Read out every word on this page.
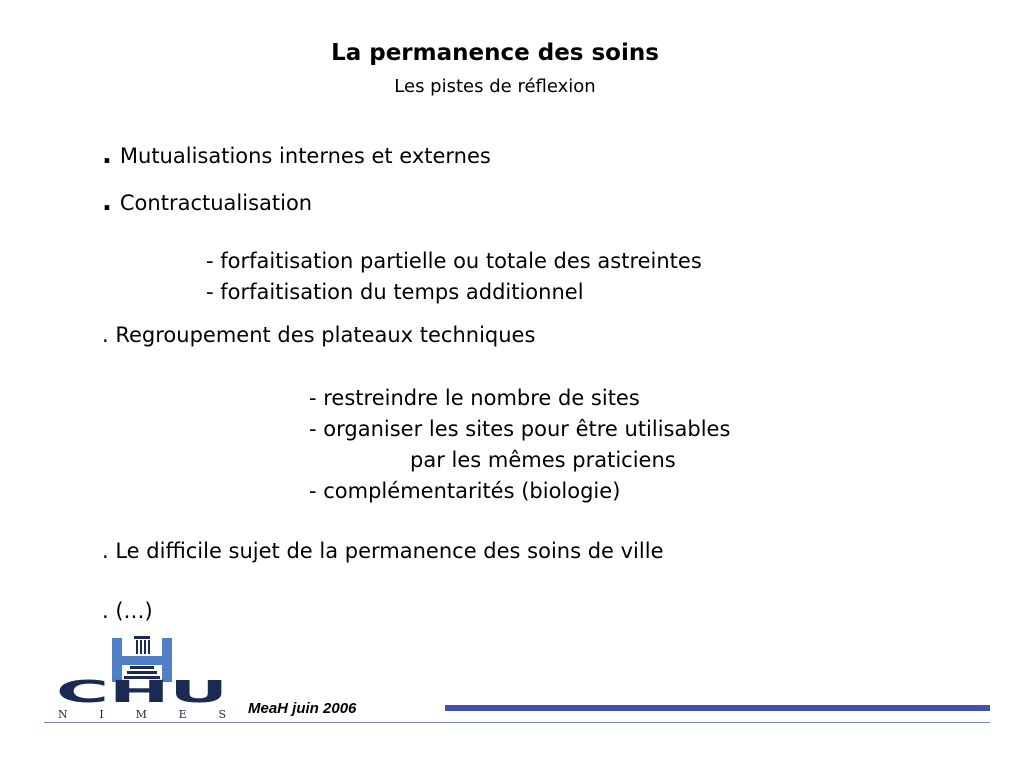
La permanence des soins
Les pistes de réflexion
. Mutualisations internes et externes
. Contractualisation
- forfaitisation partielle ou totale des astreintes
- forfaitisation du temps additionnel
. Regroupement des plateaux techniques
- restreindre le nombre de sites
- organiser les sites pour être utilisables
par les mêmes praticiens
- complémentarités (biologie)
. Le difficile sujet de la permanence des soins de ville
. (…)
CHU
NIMES MeaH juin 2006
